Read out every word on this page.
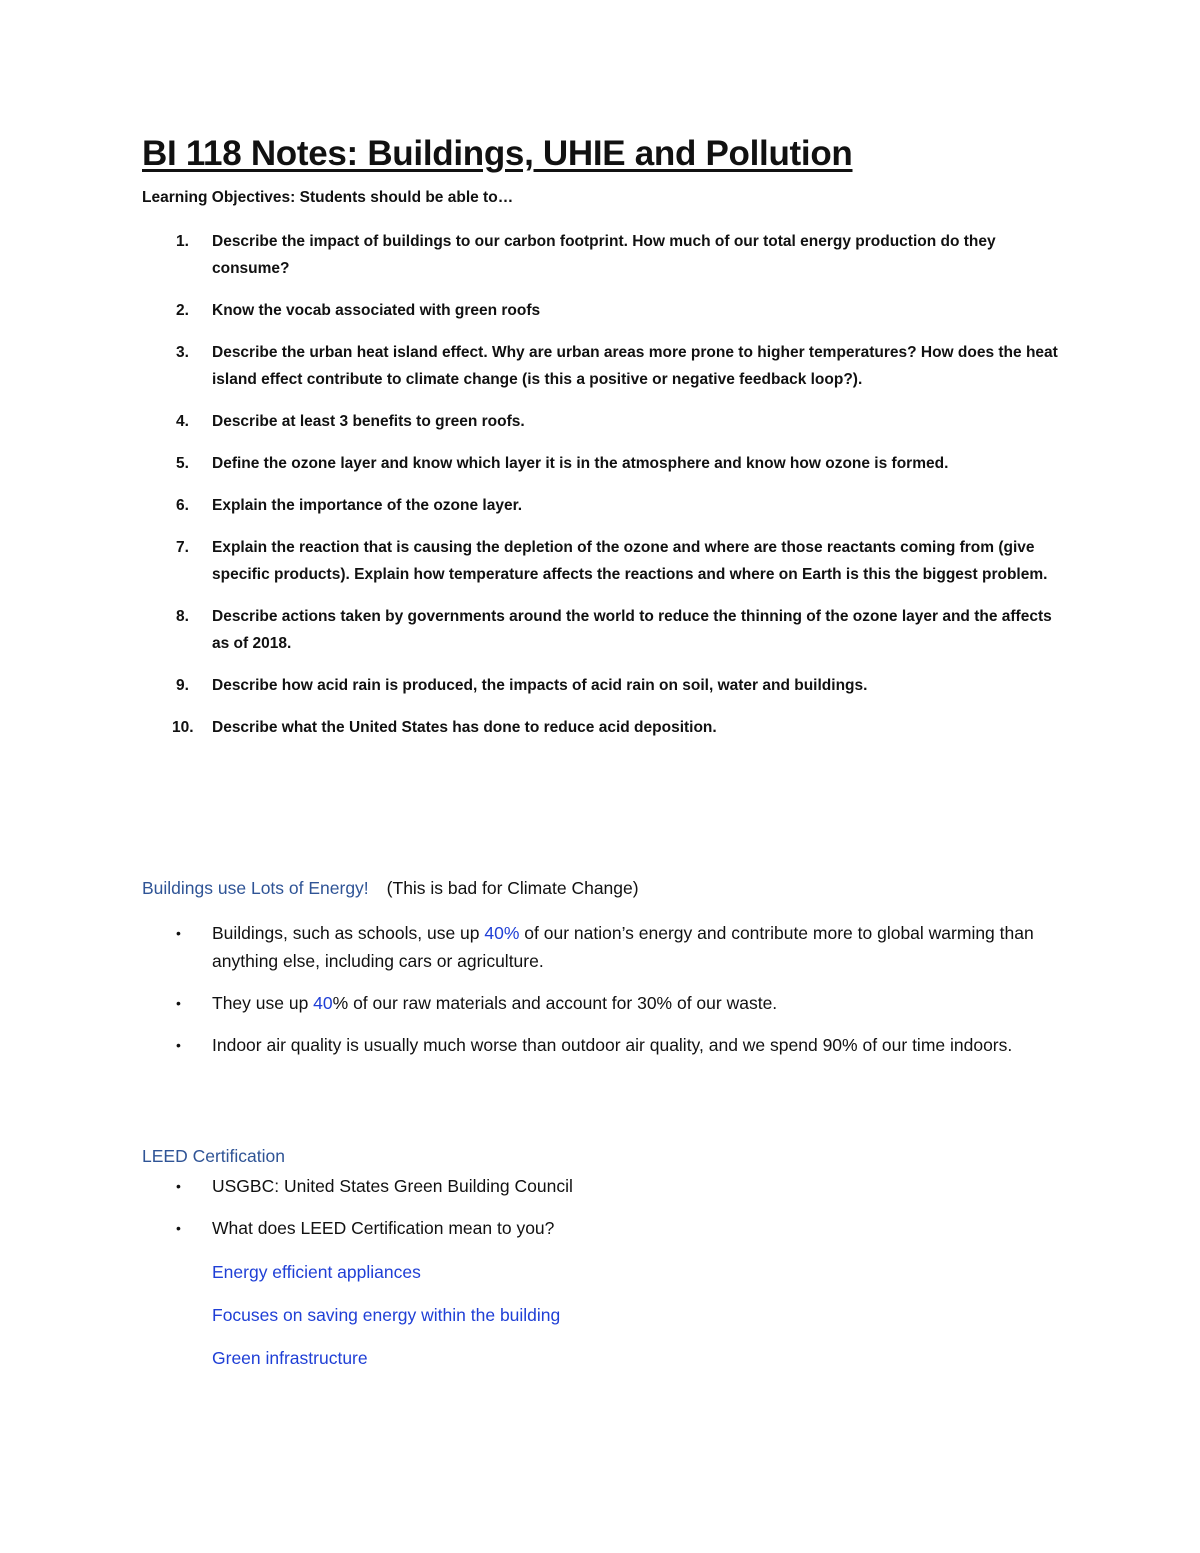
BI 118 Notes: Buildings, UHIE and Pollution
Learning Objectives: Students should be able to…
1. Describe the impact of buildings to our carbon footprint. How much of our total energy production do they consume?
2. Know the vocab associated with green roofs
3. Describe the urban heat island effect. Why are urban areas more prone to higher temperatures? How does the heat island effect contribute to climate change (is this a positive or negative feedback loop?).
4. Describe at least 3 benefits to green roofs.
5. Define the ozone layer and know which layer it is in the atmosphere and know how ozone is formed.
6. Explain the importance of the ozone layer.
7. Explain the reaction that is causing the depletion of the ozone and where are those reactants coming from (give specific products). Explain how temperature affects the reactions and where on Earth is this the biggest problem.
8. Describe actions taken by governments around the world to reduce the thinning of the ozone layer and the affects as of 2018.
9. Describe how acid rain is produced, the impacts of acid rain on soil, water and buildings.
10. Describe what the United States has done to reduce acid deposition.
Buildings use Lots of Energy! (This is bad for Climate Change)
• Buildings, such as schools, use up 40% of our nation’s energy and contribute more to global warming than anything else, including cars or agriculture.
• They use up 40% of our raw materials and account for 30% of our waste.
• Indoor air quality is usually much worse than outdoor air quality, and we spend 90% of our time indoors.
LEED Certification
• USGBC: United States Green Building Council
• What does LEED Certification mean to you?
Energy efficient appliances
Focuses on saving energy within the building
Green infrastructure
